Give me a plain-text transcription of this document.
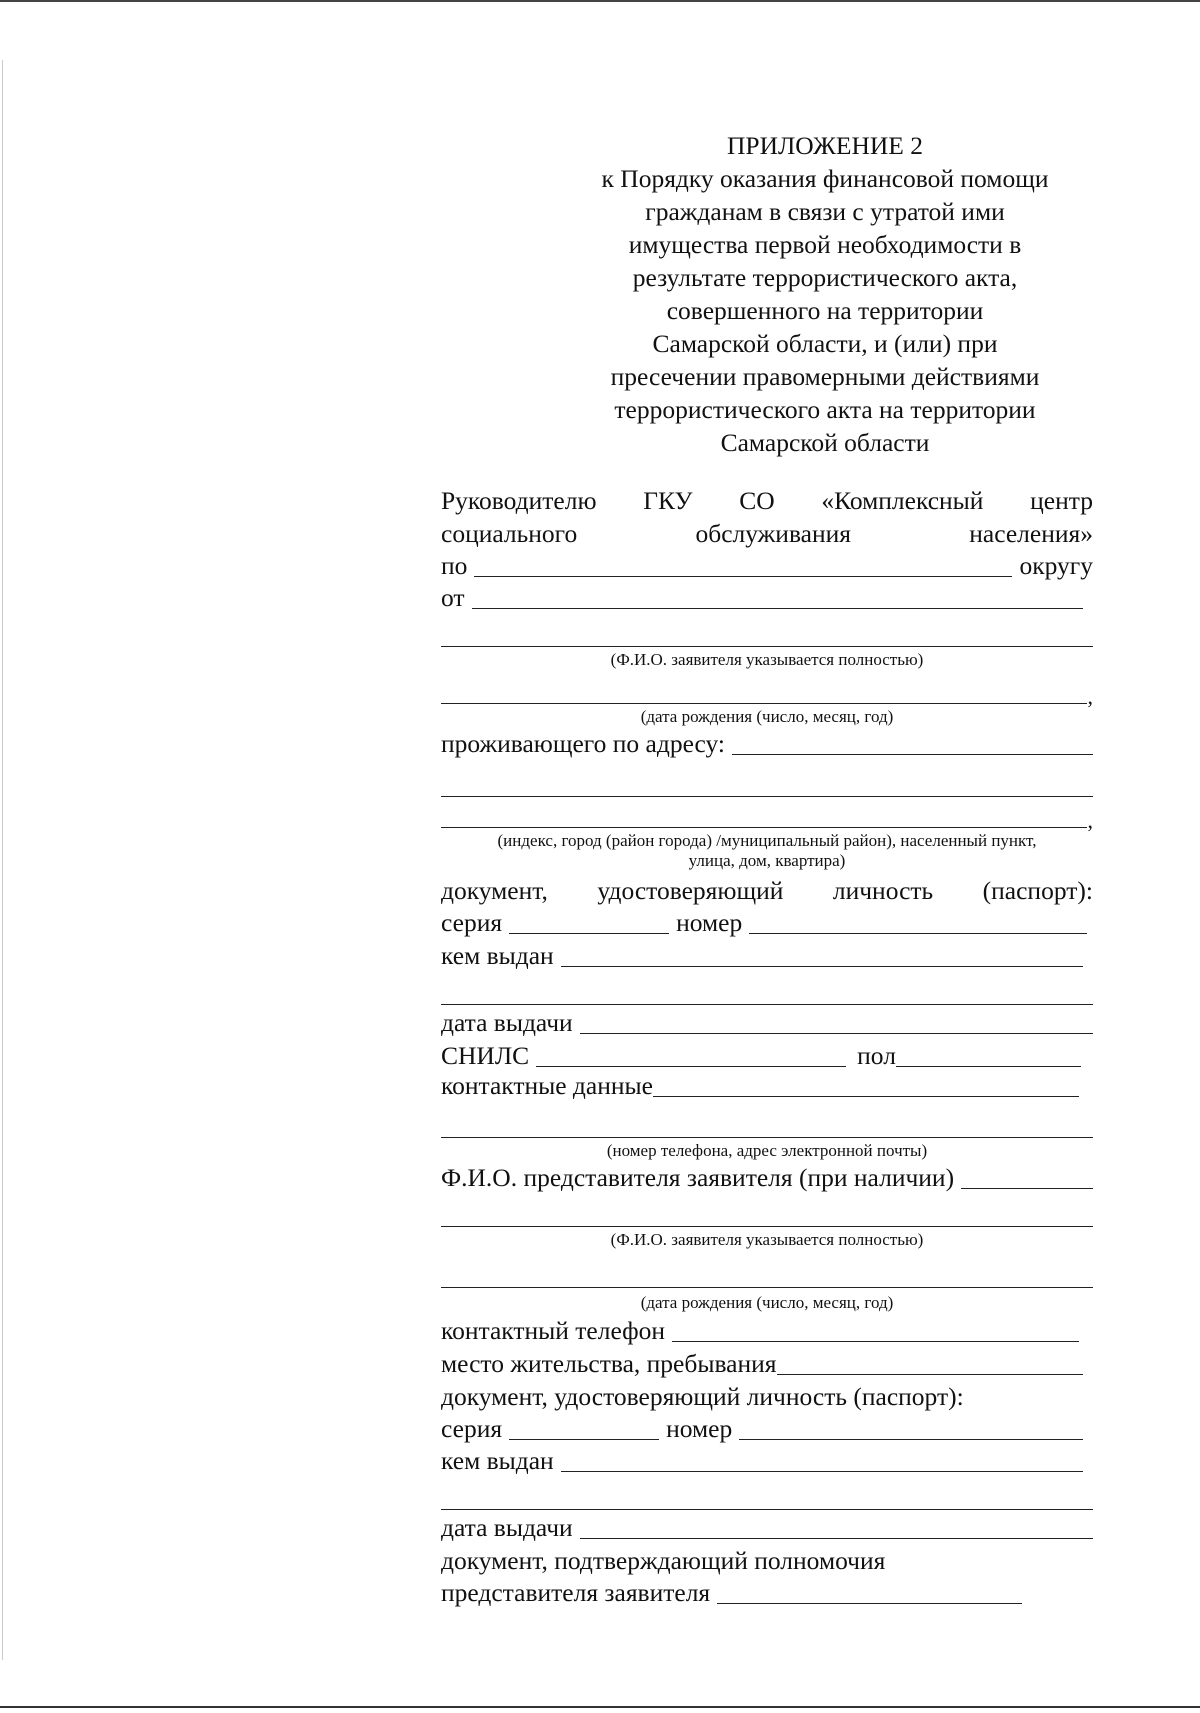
ПРИЛОЖЕНИЕ 2
к Порядку оказания финансовой помощи
гражданам в связи с утратой ими
имущества первой необходимости в
результате террористического акта,
совершенного на территории
Самарской области, и (или) при
пресечении правомерными действиями
террористического акта на территории
Самарской области
Руководителю ГКУ СО «Комплексный центр
социального	обслуживания	населения»
по	округу
от
(Ф.И.О. заявителя указывается полностью)
,
(дата рождения (число, месяц, год)
проживающего по адресу:
,
(индекс, город (район города) /муниципальный район), населенный пункт,
улица, дом, квартира)
документ, удостоверяющий личность (паспорт):
серия	номер
кем выдан
дата выдачи
СНИЛС	пол
контактные данные
(номер телефона, адрес электронной почты)
Ф.И.О. представителя заявителя (при наличии)
(Ф.И.О. заявителя указывается полностью)
(дата рождения (число, месяц, год)
контактный телефон
место жительства, пребывания
документ, удостоверяющий личность (паспорт):
серия	номер
кем выдан
дата выдачи
документ, подтверждающий полномочия
представителя заявителя
